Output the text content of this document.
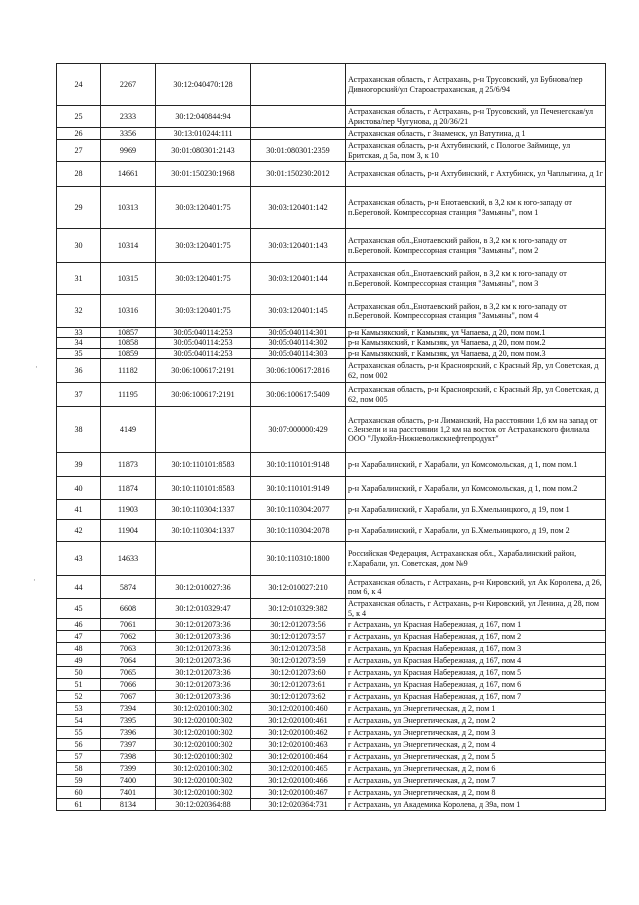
24	2267	30:12:040470:128		Астраханская область, г Астрахань, р-н Трусовский, ул Бубнова/пер Дивногорский/ул Староастраханская, д 25/6/94
25	2333	30:12:040844:94		Астраханская область, г Астрахань, р-н Трусовский, ул Печенегская/ул Аристова/пер Чугунова, д 20/36/21
26	3356	30:13:010244:111		Астраханская область, г Знаменск, ул Ватутина, д 1
27	9969	30:01:080301:2143	30:01:080301:2359	Астраханская область, р-н Ахтубинский, с Пологое Займище, ул Бритская, д 5а, пом 3, к 10
28	14661	30:01:150230:1968	30:01:150230:2012	Астраханская область, р-н Ахтубинский, г Ахтубинск, ул Чаплыгина, д 1г
29	10313	30:03:120401:75	30:03:120401:142	Астраханская область, р-н Енотаевский, в 3,2 км к юго-западу от п.Береговой. Компрессорная станция "Замьяны", пом 1
30	10314	30:03:120401:75	30:03:120401:143	Астраханская обл.,Енотаевский район, в 3,2 км к юго-западу от п.Береговой. Компрессорная станция "Замьяны", пом 2
31	10315	30:03:120401:75	30:03:120401:144	Астраханская обл.,Енотаевский район, в 3,2 км к юго-западу от п.Береговой. Компрессорная станция "Замьяны", пом 3
32	10316	30:03:120401:75	30:03:120401:145	Астраханская обл.,Енотаевский район, в 3,2 км к юго-западу от п.Береговой. Компрессорная станция "Замьяны", пом 4
33	10857	30:05:040114:253	30:05:040114:301	р-н Камызякский, г Камызяк, ул Чапаева, д 20, пом пом.1
34	10858	30:05:040114:253	30:05:040114:302	р-н Камызякский, г Камызяк, ул Чапаева, д 20, пом пом.2
35	10859	30:05:040114:253	30:05:040114:303	р-н Камызякский, г Камызяк, ул Чапаева, д 20, пом пом.3
36	11182	30:06:100617:2191	30:06:100617:2816	Астраханская область, р-н Красноярский, с Красный Яр, ул Советская, д 62, пом 002
37	11195	30:06:100617:2191	30:06:100617:5409	Астраханская область, р-н Красноярский, с Красный Яр, ул Советская, д 62, пом 005
38	4149		30:07:000000:429	Астраханская область, р-н Лиманский, На расстоянии 1,6 км на запад от с.Зензели и на расстоянии 1,2 км на восток от Астраханского филиала ООО "Лукойл-Нижневолжскнефтепродукт"
39	11873	30:10:110101:8583	30:10:110101:9148	р-н Харабалинский, г Харабали, ул Комсомольская, д 1, пом пом.1
40	11874	30:10:110101:8583	30:10:110101:9149	р-н Харабалинский, г Харабали, ул Комсомольская, д 1, пом пом.2
41	11903	30:10:110304:1337	30:10:110304:2077	р-н Харабалинский, г Харабали, ул Б.Хмельницкого, д 19, пом 1
42	11904	30:10:110304:1337	30:10:110304:2078	р-н Харабалинский, г Харабали, ул Б.Хмельницкого, д 19, пом 2
43	14633		30:10:110310:1800	Российская Федерация, Астраханская обл., Харабалинский район, г.Харабали, ул. Советская, дом №9
44	5874	30:12:010027:36	30:12:010027:210	Астраханская область, г Астрахань, р-н Кировский, ул Ак Королева, д 26, пом 6, к 4
45	6608	30:12:010329:47	30:12:010329:382	Астраханская область, г Астрахань, р-н Кировский, ул Ленина, д 28, пом 5, к 4
46	7061	30:12:012073:36	30:12:012073:56	г Астрахань, ул Красная Набережная, д 167, пом 1
47	7062	30:12:012073:36	30:12:012073:57	г Астрахань, ул Красная Набережная, д 167, пом 2
48	7063	30:12:012073:36	30:12:012073:58	г Астрахань, ул Красная Набережная, д 167, пом 3
49	7064	30:12:012073:36	30:12:012073:59	г Астрахань, ул Красная Набережная, д 167, пом 4
50	7065	30:12:012073:36	30:12:012073:60	г Астрахань, ул Красная Набережная, д 167, пом 5
51	7066	30:12:012073:36	30:12:012073:61	г Астрахань, ул Красная Набережная, д 167, пом 6
52	7067	30:12:012073:36	30:12:012073:62	г Астрахань, ул Красная Набережная, д 167, пом 7
53	7394	30:12:020100:302	30:12:020100:460	г Астрахань, ул Энергетическая, д 2, пом 1
54	7395	30:12:020100:302	30:12:020100:461	г Астрахань, ул Энергетическая, д 2, пом 2
55	7396	30:12:020100:302	30:12:020100:462	г Астрахань, ул Энергетическая, д 2, пом 3
56	7397	30:12:020100:302	30:12:020100:463	г Астрахань, ул Энергетическая, д 2, пом 4
57	7398	30:12:020100:302	30:12:020100:464	г Астрахань, ул Энергетическая, д 2, пом 5
58	7399	30:12:020100:302	30:12:020100:465	г Астрахань, ул Энергетическая, д 2, пом 6
59	7400	30:12:020100:302	30:12:020100:466	г Астрахань, ул Энергетическая, д 2, пом 7
60	7401	30:12:020100:302	30:12:020100:467	г Астрахань, ул Энергетическая, д 2, пом 8
61	8134	30:12:020364:88	30:12:020364:731	г Астрахань, ул Академика Королева, д 39а, пом 1
‧
‧
